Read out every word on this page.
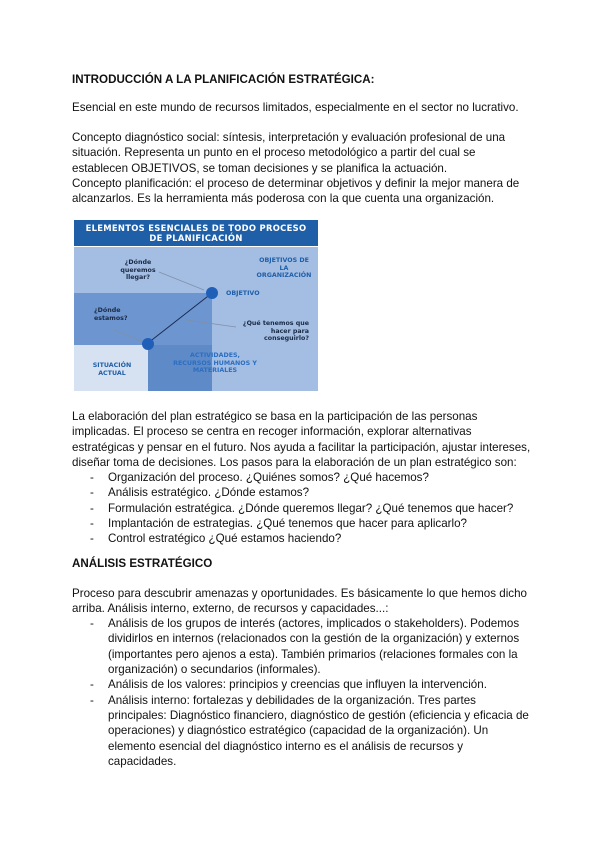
INTRODUCCIÓN A LA PLANIFICACIÓN ESTRATÉGICA:

Esencial en este mundo de recursos limitados, especialmente en el sector no lucrativo.

Concepto diagnóstico social: síntesis, interpretación y evaluación profesional de una situación. Representa un punto en el proceso metodológico a partir del cual se establecen OBJETIVOS, se toman decisiones y se planifica la actuación.

Concepto planificación: el proceso de determinar objetivos y definir la mejor manera de alcanzarlos. Es la herramienta más poderosa con la que cuenta una organización.

ELEMENTOS ESENCIALES DE TODO PROCESO
DE PLANIFICACIÓN
¿Dónde queremos llegar?
OBJETIVOS DE LA ORGANIZACIÓN
OBJETIVO
¿Dónde estamos?
¿Qué tenemos que hacer para conseguirlo?
SITUACIÓN ACTUAL
ACTIVIDADES, RECURSOS HUMANOS Y MATERIALES

La elaboración del plan estratégico se basa en la participación de las personas implicadas. El proceso se centra en recoger información, explorar alternativas estratégicas y pensar en el futuro. Nos ayuda a facilitar la participación, ajustar intereses, diseñar toma de decisiones. Los pasos para la elaboración de un plan estratégico son:

- Organización del proceso. ¿Quiénes somos? ¿Qué hacemos?
- Análisis estratégico. ¿Dónde estamos?
- Formulación estratégica. ¿Dónde queremos llegar? ¿Qué tenemos que hacer?
- Implantación de estrategias. ¿Qué tenemos que hacer para aplicarlo?
- Control estratégico ¿Qué estamos haciendo?

ANÁLISIS ESTRATÉGICO

Proceso para descubrir amenazas y oportunidades. Es básicamente lo que hemos dicho arriba. Análisis interno, externo, de recursos y capacidades...:

- Análisis de los grupos de interés (actores, implicados o stakeholders). Podemos dividirlos en internos (relacionados con la gestión de la organización) y externos (importantes pero ajenos a esta). También primarios (relaciones formales con la organización) o secundarios (informales).
- Análisis de los valores: principios y creencias que influyen la intervención.
- Análisis interno: fortalezas y debilidades de la organización. Tres partes principales: Diagnóstico financiero, diagnóstico de gestión (eficiencia y eficacia de operaciones) y diagnóstico estratégico (capacidad de la organización). Un elemento esencial del diagnóstico interno es el análisis de recursos y capacidades.
